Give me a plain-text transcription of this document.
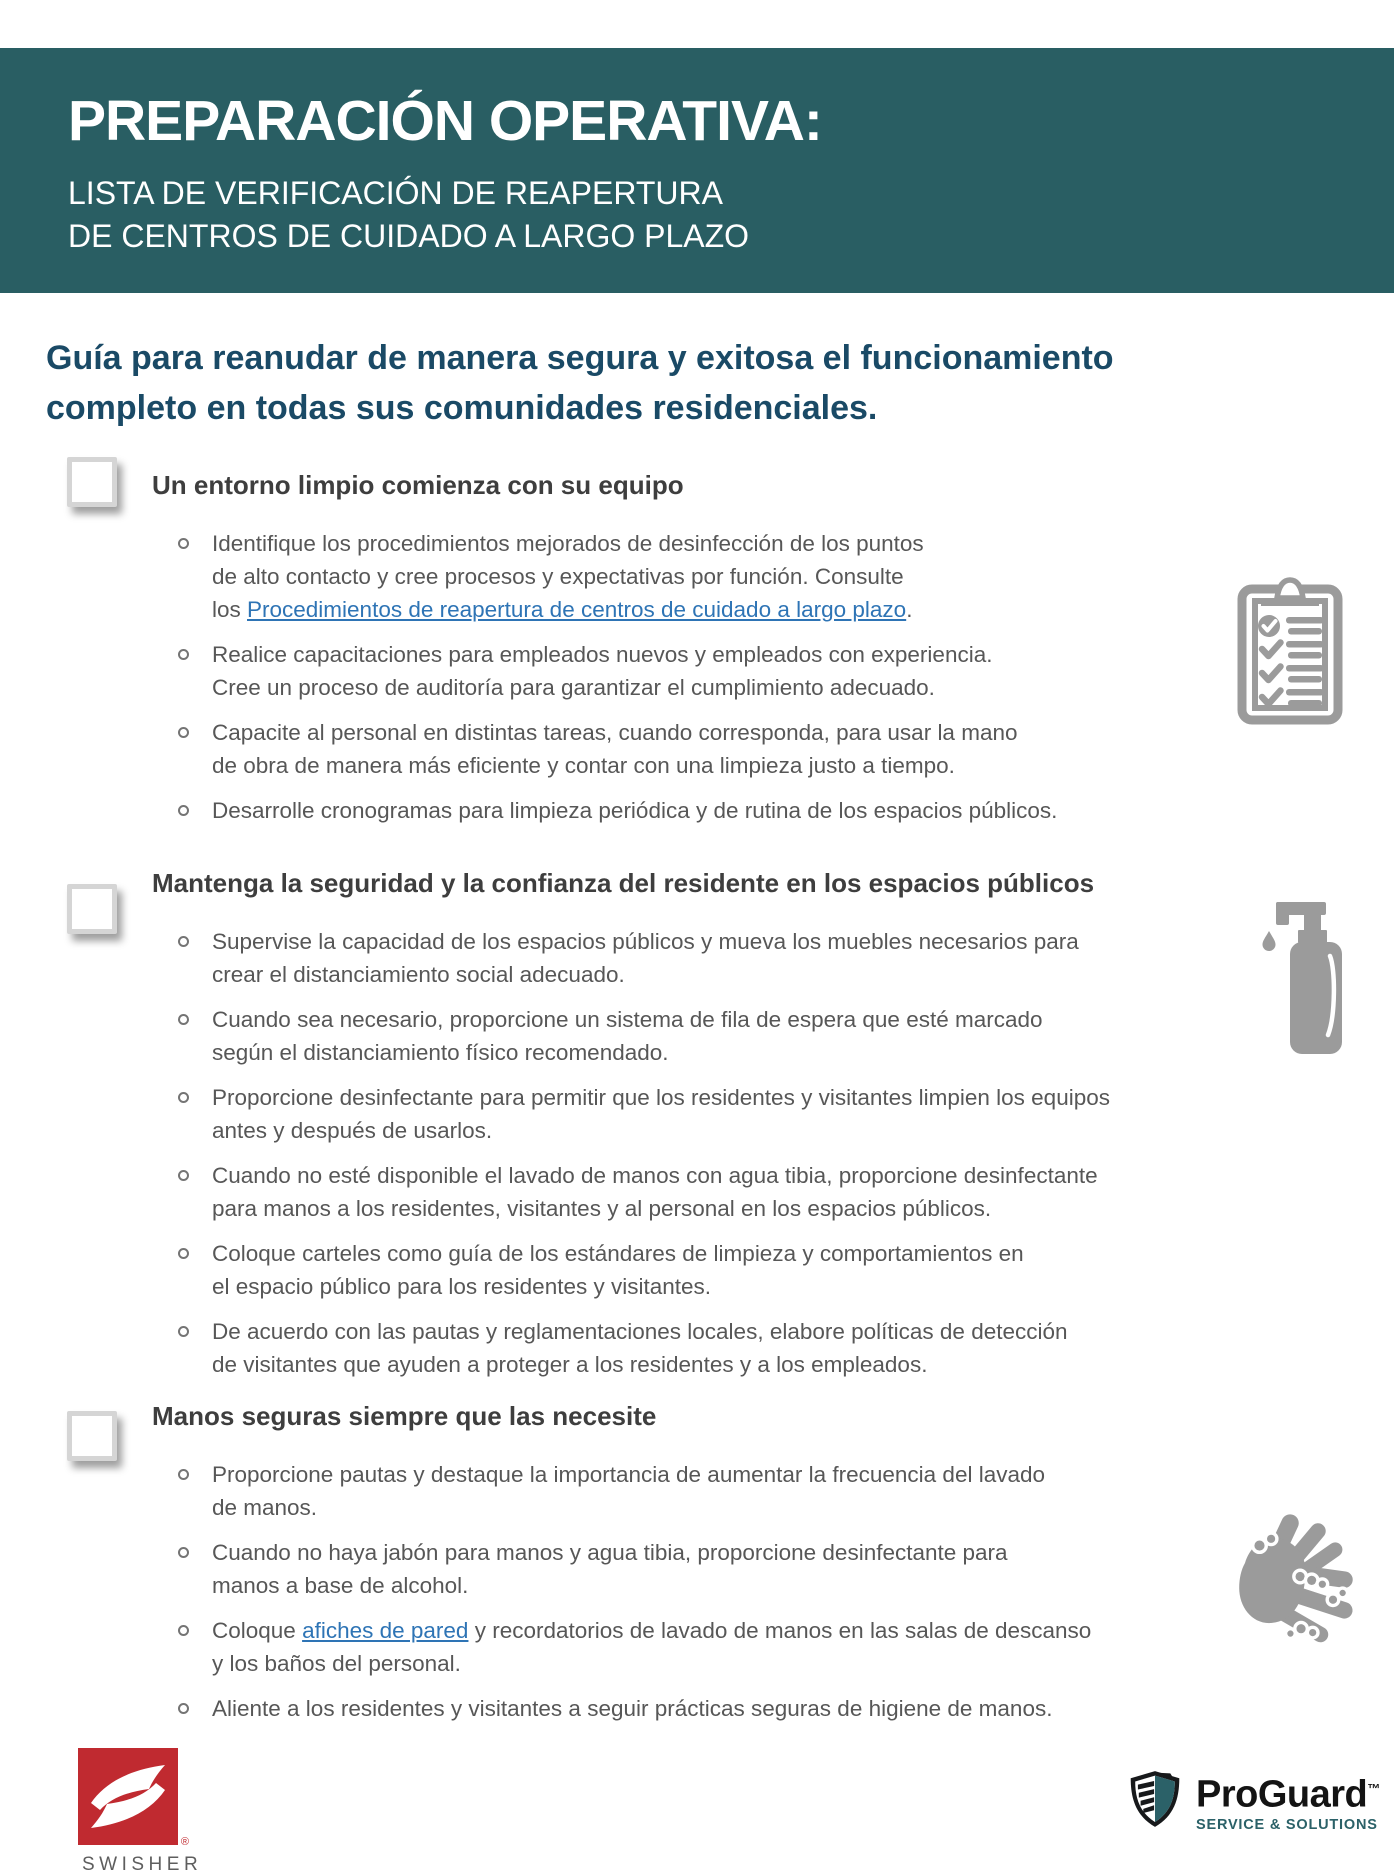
PREPARACIÓN OPERATIVA:
LISTA DE VERIFICACIÓN DE REAPERTURA
DE CENTROS DE CUIDADO A LARGO PLAZO

Guía para reanudar de manera segura y exitosa el funcionamiento
completo en todas sus comunidades residenciales.

Un entorno limpio comienza con su equipo
Identifique los procedimientos mejorados de desinfección de los puntos
de alto contacto y cree procesos y expectativas por función. Consulte
los Procedimientos de reapertura de centros de cuidado a largo plazo.
Realice capacitaciones para empleados nuevos y empleados con experiencia.
Cree un proceso de auditoría para garantizar el cumplimiento adecuado.
Capacite al personal en distintas tareas, cuando corresponda, para usar la mano
de obra de manera más eficiente y contar con una limpieza justo a tiempo.
Desarrolle cronogramas para limpieza periódica y de rutina de los espacios públicos.
Mantenga la seguridad y la confianza del residente en los espacios públicos
Supervise la capacidad de los espacios públicos y mueva los muebles necesarios para
crear el distanciamiento social adecuado.
Cuando sea necesario, proporcione un sistema de fila de espera que esté marcado
según el distanciamiento físico recomendado.
Proporcione desinfectante para permitir que los residentes y visitantes limpien los equipos
antes y después de usarlos.
Cuando no esté disponible el lavado de manos con agua tibia, proporcione desinfectante
para manos a los residentes, visitantes y al personal en los espacios públicos.
Coloque carteles como guía de los estándares de limpieza y comportamientos en
el espacio público para los residentes y visitantes.
De acuerdo con las pautas y reglamentaciones locales, elabore políticas de detección
de visitantes que ayuden a proteger a los residentes y a los empleados.
Manos seguras siempre que las necesite
Proporcione pautas y destaque la importancia de aumentar la frecuencia del lavado
de manos.
Cuando no haya jabón para manos y agua tibia, proporcione desinfectante para
manos a base de alcohol.
Coloque afiches de pared y recordatorios de lavado de manos en las salas de descanso
y los baños del personal.
Aliente a los residentes y visitantes a seguir prácticas seguras de higiene de manos.
®
SWISHER
ProGuard™
SERVICE & SOLUTIONS
